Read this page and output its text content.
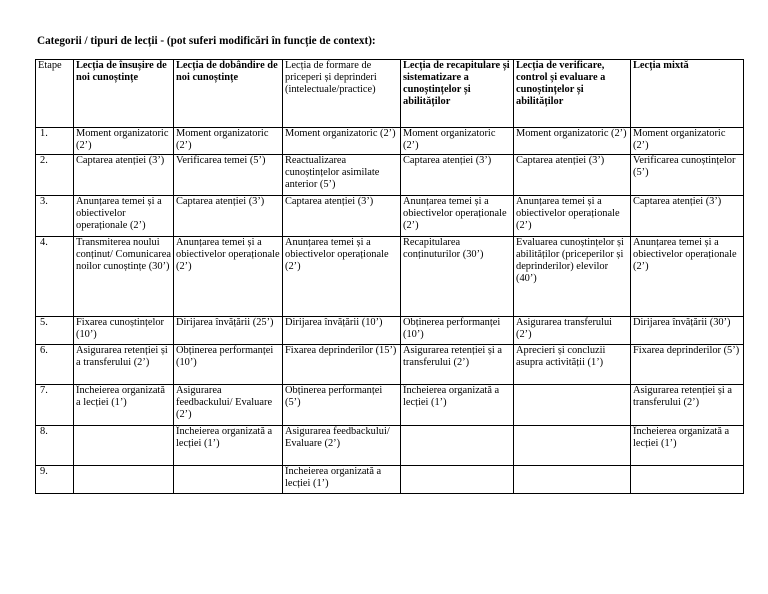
Categorii / tipuri de lecții - (pot suferi modificări în funcție de context):
Etape	Lecția de însușire de noi cunoștințe	Lecția de dobândire de noi cunoștințe	Lecția de formare de priceperi și deprinderi (intelectuale/practice)	Lecția de recapitulare și sistematizare a cunoștințelor și abilităților	Lecția de verificare, control și evaluare a cunoștințelor și abilităților	Lecția mixtă
1.	Moment organizatoric (2’)	Moment organizatoric (2’)	Moment organizatoric (2’)	Moment organizatoric (2’)	Moment organizatoric (2’)	Moment organizatoric (2’)
2.	Captarea atenției (3’)	Verificarea temei (5’)	Reactualizarea cunoștințelor asimilate anterior (5’)	Captarea atenției (3’)	Captarea atenției (3’)	Verificarea cunoștințelor (5’)
3.	Anunțarea temei și a obiectivelor operaționale (2’)	Captarea atenției (3’)	Captarea atenției (3’)	Anunțarea temei și a obiectivelor operaționale (2’)	Anunțarea temei și a obiectivelor operaționale (2’)	Captarea atenției (3’)
4.	Transmiterea noului conținut/ Comunicarea noilor cunoștințe (30’)	Anunțarea temei și a obiectivelor operaționale (2’)	Anunțarea temei și a obiectivelor operaționale (2’)	Recapitularea conținuturilor (30’)	Evaluarea cunoștințelor și abilităților (priceperilor și deprinderilor) elevilor (40’)	Anunțarea temei și a obiectivelor operaționale (2’)
5.	Fixarea cunoștințelor (10’)	Dirijarea învățării (25’)	Dirijarea învățării (10’)	Obținerea performanței (10’)	Asigurarea transferului (2’)	Dirijarea învățării (30’)
6.	Asigurarea retenției și a transferului (2’)	Obținerea performanței (10’)	Fixarea deprinderilor (15’)	Asigurarea retenției și a transferului (2’)	Aprecieri și concluzii asupra activității (1’)	Fixarea deprinderilor (5’)
7.	Încheierea organizată a lecției (1’)	Asigurarea feedbackului/ Evaluare (2’)	Obținerea performanței (5’)	Încheierea organizată a lecției (1’)		Asigurarea retenției și a transferului (2’)
8.		Încheierea organizată a lecției (1’)	Asigurarea feedbackului/ Evaluare (2’)			Încheierea organizată a lecției (1’)
9.			Încheierea organizată a lecției (1’)			
